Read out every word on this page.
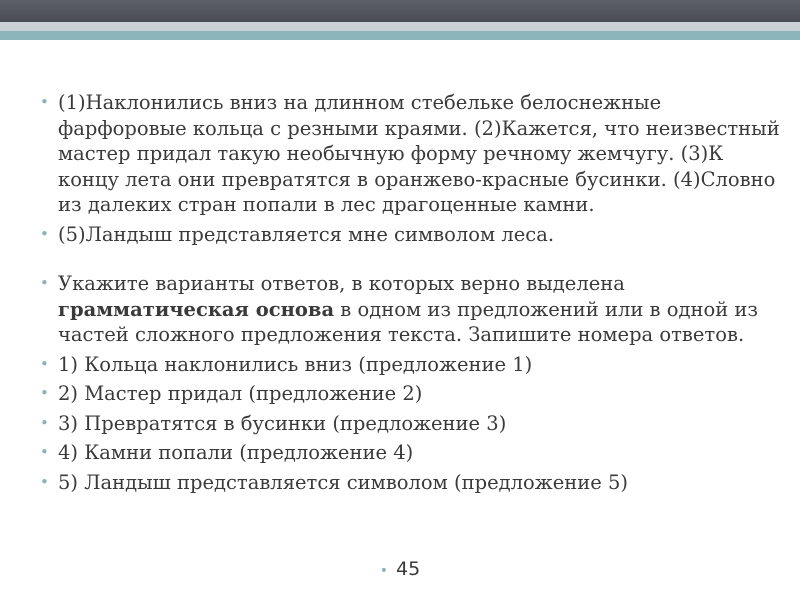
• (1)Наклонились вниз на длинном стебельке белоснежные фарфоровые кольца с резными краями. (2)Кажется, что неизвестный мастер придал такую необычную форму речному жемчугу. (3)К концу лета они превратятся в оранжево-красные бусинки. (4)Словно из далеких стран попали в лес драгоценные камни.

• (5)Ландыш представляется мне символом леса.

• Укажите варианты ответов, в которых верно выделена грамматическая основа в одном из предложений или в одной из частей сложного предложения текста. Запишите номера ответов.

• 1) Кольца наклонились вниз (предложение 1)

• 2) Мастер придал (предложение 2)

• 3) Превратятся в бусинки (предложение 3)

• 4) Камни попали (предложение 4)

• 5) Ландыш представляется символом (предложение 5)

• 45
